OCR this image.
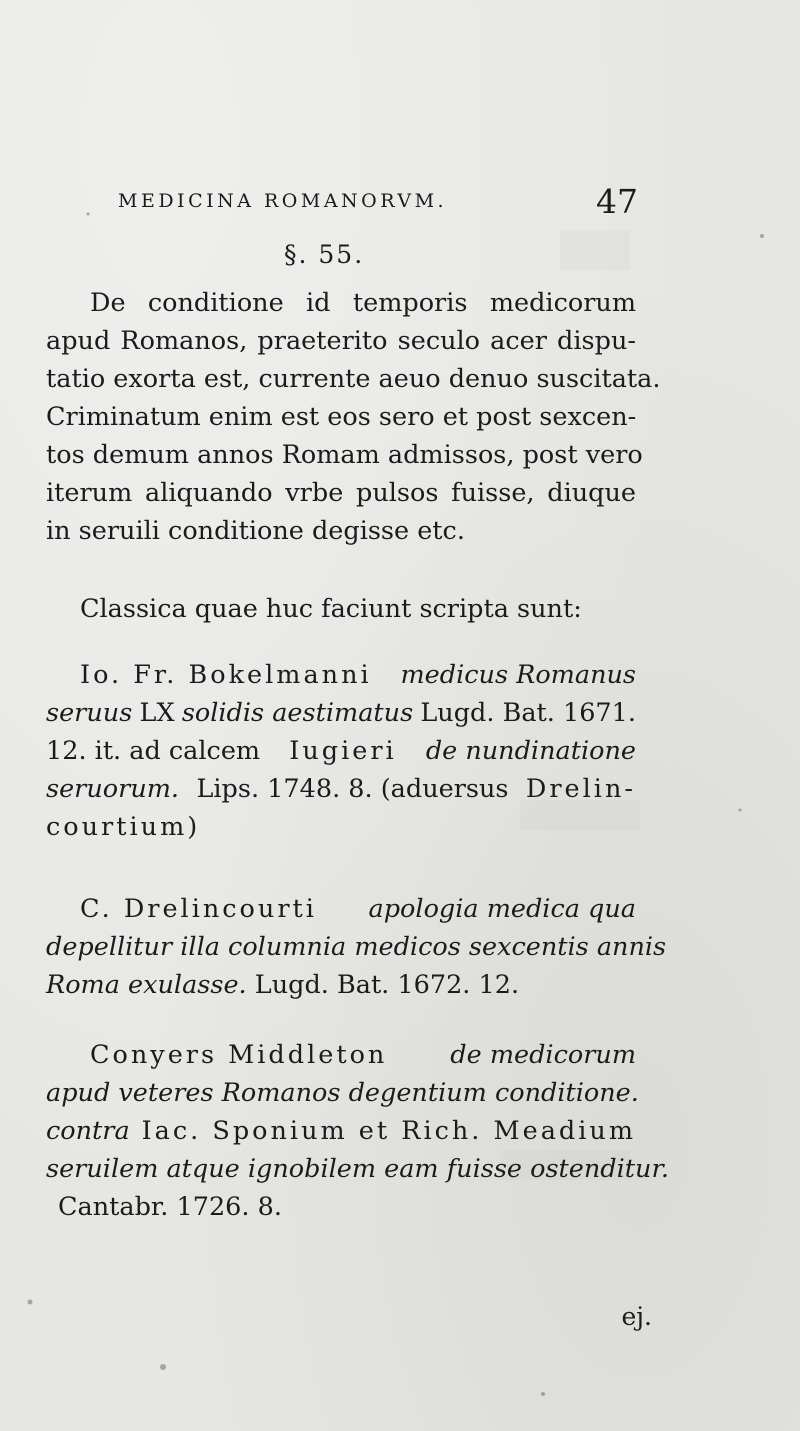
MEDICINA ROMANORVM.	47
§. 55.
De conditione id temporis medicorum
apud Romanos, praeterito seculo acer dispu-
tatio exorta est, currente aeuo denuo suscitata.
Criminatum enim est eos sero et post sexcen-
tos demum annos Romam admissos, post vero
iterum aliquando vrbe pulsos fuisse, diuque
in seruili conditione degisse etc.
Classica quae huc faciunt scripta sunt:
Io. Fr. Bokelmanni medicus Romanus
seruus LX solidis aestimatus Lugd. Bat. 1671.
12. it. ad calcem Iugieri de nundinatione
seruorum. Lips. 1748. 8. (aduersus Drelin-
courtium)
C. Drelincourti apologia medica qua
depellitur illa columnia medicos sexcentis annis
Roma exulasse. Lugd. Bat. 1672. 12.
Conyers Middleton de medicorum
apud veteres Romanos degentium conditione.
contra Iac. Sponium et Rich. Meadium
seruilem atque ignobilem eam fuisse ostenditur.
Cantabr. 1726. 8.
ej.
